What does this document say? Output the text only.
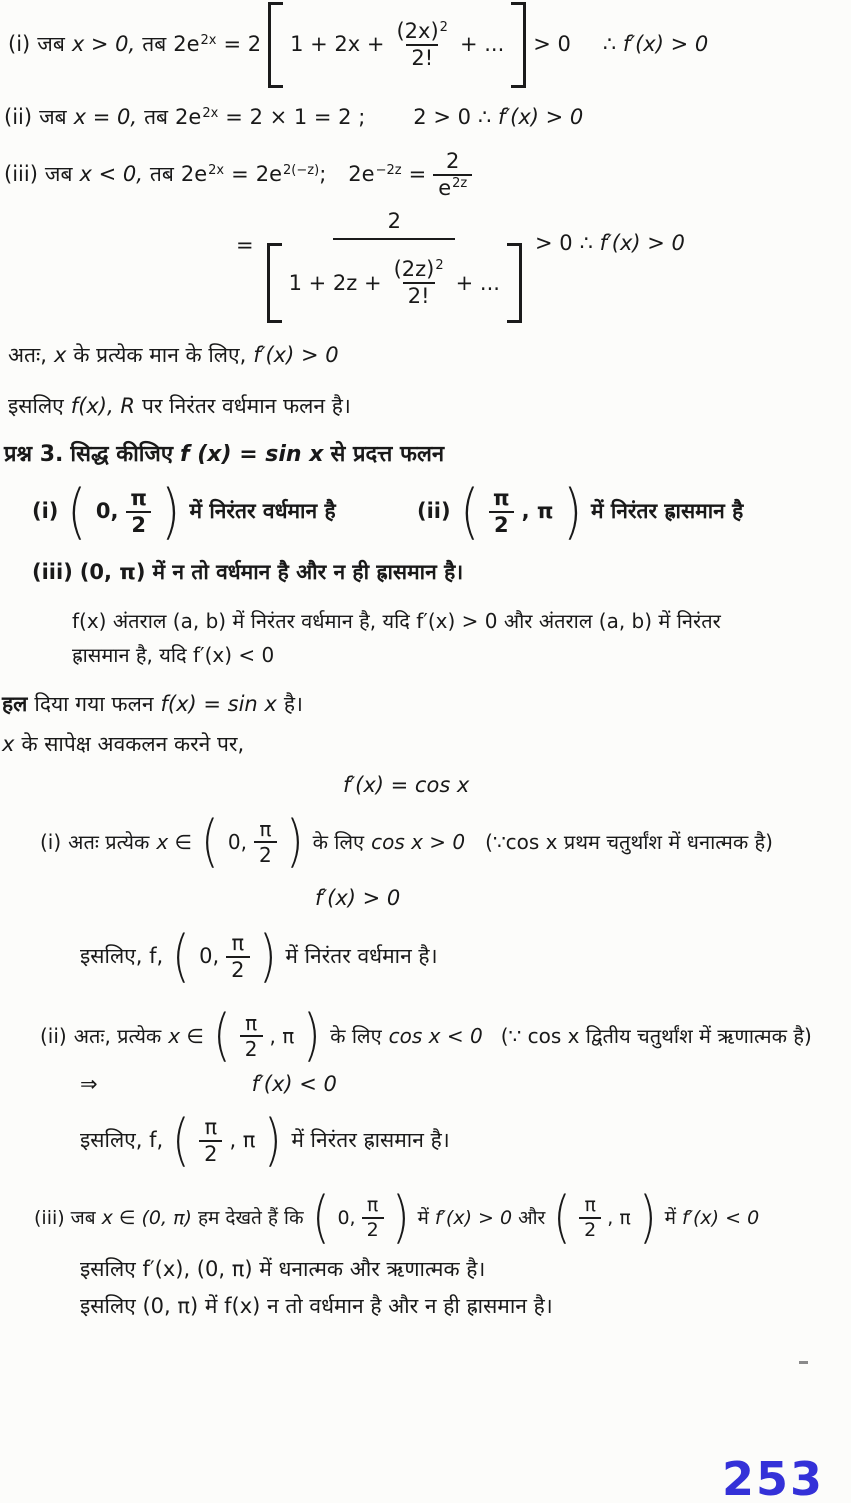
(i) जब x > 0, तब $2e^{2x} = 2$ $1 + 2x + \frac{(2x)^2}{2!}$ + ... > 0 ∴ f′(x) > 0
(ii) जब x = 0, तब $2e^{2x} = 2 \times 1 = 2$ ; 2 > 0 ∴ f′(x) > 0
(iii) जब x < 0, तब $2e^{2x} = 2e^{2(-z)}$; $2e^{-2z} = \frac{2}{e^{2z}}$
=
2
$1 + 2z + \frac{(2z)^2}{2!}$ + ...
> 0 ∴ f′(x) > 0
अतः, x के प्रत्येक मान के लिए, f′(x) > 0
इसलिए f(x), R पर निरंतर वर्धमान फलन है।
प्रश्न 3. सिद्ध कीजिए f (x) = sin x से प्रदत्त फलन
(i) ( 0, $\frac{\pi}{2}$ ) में निरंतर वर्धमान है	(ii) ( $\frac{\pi}{2}$ , π ) में निरंतर ह्रासमान है
(iii) (0, π) में न तो वर्धमान है और न ही ह्रासमान है।
f(x) अंतराल (a, b) में निरंतर वर्धमान है, यदि f′(x) > 0 और अंतराल (a, b) में निरंतर
ह्रासमान है, यदि f′(x) < 0
हल दिया गया फलन f(x) = sin x है।
x के सापेक्ष अवकलन करने पर,
f′(x) = cos x
(i) अतः प्रत्येक x ∈ ( 0, $\frac{\pi}{2}$ ) के लिए cos x > 0 (∵cos x प्रथम चतुर्थांश में धनात्मक है)
f′(x) > 0
इसलिए, f, ( 0, $\frac{\pi}{2}$ ) में निरंतर वर्धमान है।
(ii) अतः, प्रत्येक x ∈ ( $\frac{\pi}{2}$ , π ) के लिए cos x < 0 (∵ cos x द्वितीय चतुर्थांश में ऋणात्मक है)
⇒	f′(x) < 0
इसलिए, f, ( $\frac{\pi}{2}$ , π ) में निरंतर ह्रासमान है।
(iii) जब x ∈ (0, π) हम देखते हैं कि ( 0, $\frac{\pi}{2}$ ) में f′(x) > 0 और ( $\frac{\pi}{2}$ , π ) में f′(x) < 0
इसलिए f′(x), (0, π) में धनात्मक और ऋणात्मक है।
इसलिए (0, π) में f(x) न तो वर्धमान है और न ही ह्रासमान है।
253
